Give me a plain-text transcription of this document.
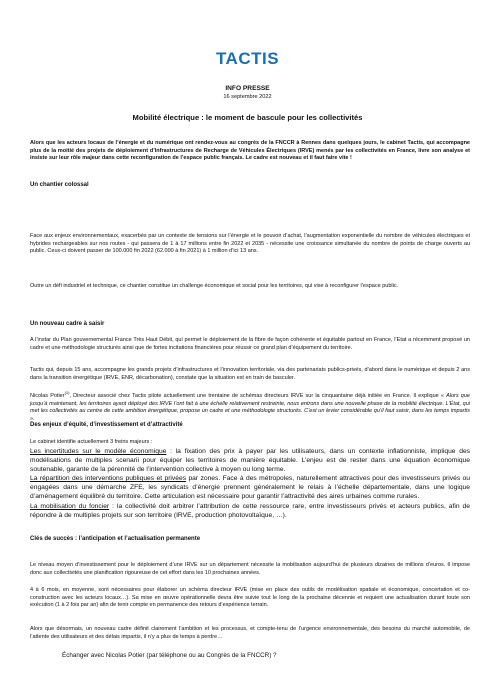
TACTIS
INFO PRESSE
16 septembre 2022
Mobilité électrique : le moment de bascule pour les collectivités
Alors que les acteurs locaux de l’énergie et du numérique ont rendez-vous au congrès de la FNCCR à Rennes dans quelques jours, le cabinet Tactis, qui accompagne plus de la moitié des projets de déploiement d’Infrastructures de Recharge de Véhicules Électriques (IRVE) menés par les collectivités en France, livre son analyse et insiste sur leur rôle majeur dans cette reconfiguration de l’espace public français. Le cadre est nouveau et il faut faire vite !
Un chantier colossal
Face aux enjeux environnementaux, exacerbés par un contexte de tensions sur l’énergie et le pouvoir d’achat, l’augmentation exponentielle du nombre de véhicules électriques et hybrides rechargeables sur nos routes - qui passera de 1 à 17 millions entre fin 2022 et 2035 - nécessite une croissance simultanée du nombre de points de charge ouverts au public. Ceux-ci doivent passer de 100.000 fin 2022 (62.000 à fin 2021) à 1 million d’ici 13 ans.
Outre un défi industriel et technique, ce chantier constitue un challenge économique et social pour les territoires, qui vise à reconfigurer l’espace public.
Un nouveau cadre à saisir
A l’instar du Plan gouvernemental France Très Haut Débit, qui permet le déploiement de la fibre de façon cohérente et équitable partout en France, l’Etat a récemment proposé un cadre et une méthodologie structurés ainsi que de fortes incitations financières pour réussir ce grand plan d’équipement du territoire.
Tactis qui, depuis 15 ans, accompagne les grands projets d’infrastructures et l’innovation territoriale, via des partenariats publics-privés, d’abord dans le numérique et depuis 2 ans dans la transition énergétique (IRVE, ENR, décarbonation), constate que la situation est en train de basculer.
Nicolas Potier$^{(1)}$, Directeur associé chez Tactis pilote actuellement une trentaine de schémas directeurs IRVE sur la cinquantaine déjà initiée en France. Il explique « Alors que jusqu’à maintenant, les territoires ayant déployé des IRVE l’ont fait à une échelle relativement restreinte, nous entrons dans une nouvelle phase de la mobilité électrique. L’État, qui met les collectivités au centre de cette ambition énergétique, propose un cadre et une méthodologie structurés. C’est un levier considérable qu’il faut saisir, dans les temps impartis ».
Des enjeux d’équité, d’investissement et d’attractivité
Le cabinet identifie actuellement 3 freins majeurs :
Les incertitudes sur le modèle économique : la fixation des prix à payer par les utilisateurs, dans un contexte inflationniste, implique des modélisations de multiples scenarii pour équiper les territoires de manière équitable. L’enjeu est de rester dans une équation économique soutenable, garante de la pérennité de l’intervention collective à moyen ou long terme.
La répartition des interventions publiques et privées par zones. Face à des métropoles, naturellement attractives pour des investisseurs privés ou engagées dans une démarche ZFE, les syndicats d’énergie prennent généralement le relais à l’échelle départementale, dans une logique d’aménagement équilibré du territoire. Cette articulation est nécessaire pour garantir l’attractivité des aires urbaines comme rurales.
La mobilisation du foncier : la collectivité doit arbitrer l’attribution de cette ressource rare, entre investisseurs privés et acteurs publics, afin de répondre à de multiples projets sur son territoire (IRVE, production photovoltaïque, …).
Clés de succès : l’anticipation et l’actualisation permanente
Le niveau moyen d’investissement pour le déploiement d’une IRVE sur un département nécessite la mobilisation aujourd’hui de plusieurs dizaines de millions d’euros. Il impose donc aux collectivités une planification rigoureuse de cet effort dans les 10 prochaines années.
4 à 6 mois, en moyenne, sont nécessaires pour élaborer un schéma directeur IRVE (mise en place des outils de modélisation spatiale et économique, concertation et co-construction avec les acteurs locaux…). Sa mise en œuvre opérationnelle devra être suivie tout le long de la prochaine décennie et requiert une actualisation durant toute son exécution (1 à 2 fois par an) afin de tenir compte en permanence des retours d’expérience terrain.
Alors que désormais, un nouveau cadre définit clairement l’ambition et les processus, et compte-tenu de l’urgence environnementale, des besoins du marché automobile, de l’attente des utilisateurs et des délais impartis, il n’y a plus de temps à perdre…
Échanger avec Nicolas Potier (par téléphone ou au Congrès de la FNCCR) ?
